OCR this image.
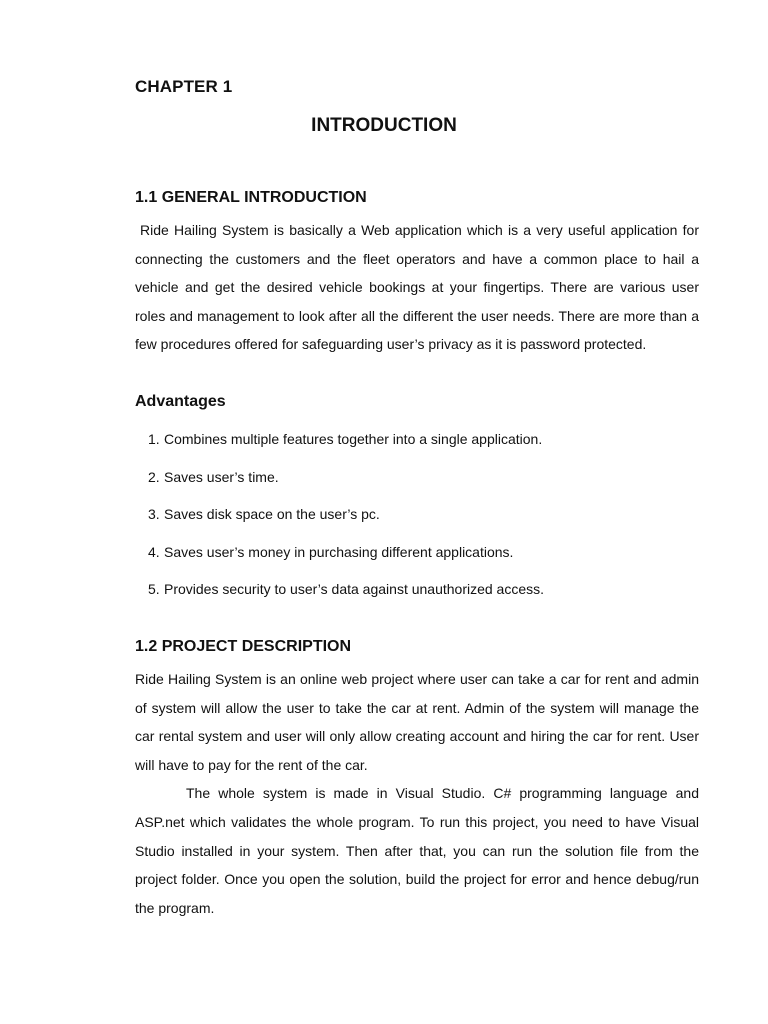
CHAPTER 1
INTRODUCTION
1.1 GENERAL INTRODUCTION

Ride Hailing System is basically a Web application which is a very useful application for connecting the customers and the fleet operators and have a common place to hail a vehicle and get the desired vehicle bookings at your fingertips. There are various user roles and management to look after all the different the user needs. There are more than a few procedures offered for safeguarding user’s privacy as it is password protected.

Advantages
1. Combines multiple features together into a single application.
2. Saves user’s time.
3. Saves disk space on the user’s pc.
4. Saves user’s money in purchasing different applications.
5. Provides security to user’s data against unauthorized access.
1.2 PROJECT DESCRIPTION

Ride Hailing System is an online web project where user can take a car for rent and admin of system will allow the user to take the car at rent. Admin of the system will manage the car rental system and user will only allow creating account and hiring the car for rent. User will have to pay for the rent of the car.

The whole system is made in Visual Studio. C# programming language and ASP.net which validates the whole program. To run this project, you need to have Visual Studio installed in your system. Then after that, you can run the solution file from the project folder. Once you open the solution, build the project for error and hence debug/run the program.
